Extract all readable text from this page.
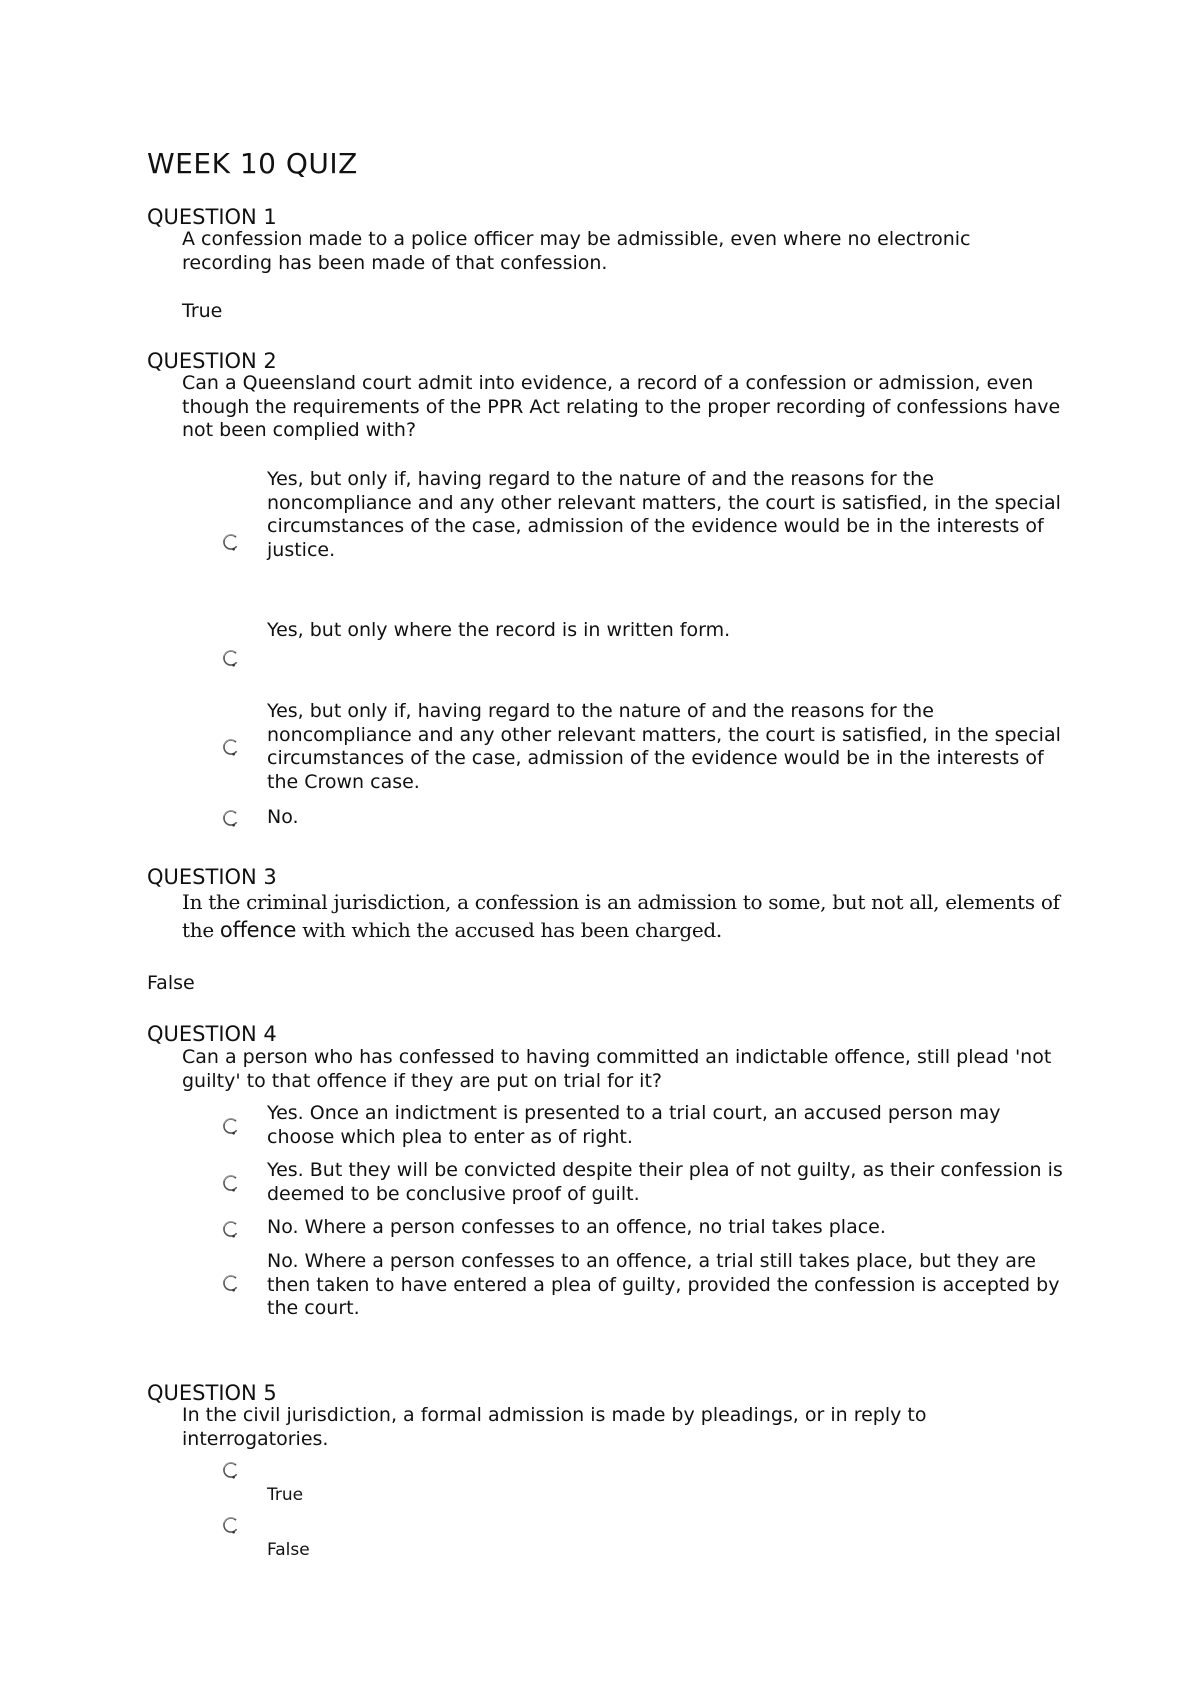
WEEK 10 QUIZ
QUESTION 1
A confession made to a police officer may be admissible, even where no electronic recording has been made of that confession.
True
QUESTION 2
Can a Queensland court admit into evidence, a record of a confession or admission, even though the requirements of the PPR Act relating to the proper recording of confessions have not been complied with?
Yes, but only if, having regard to the nature of and the reasons for the noncompliance and any other relevant matters, the court is satisfied, in the special circumstances of the case, admission of the evidence would be in the interests of justice.
Yes, but only where the record is in written form.
Yes, but only if, having regard to the nature of and the reasons for the noncompliance and any other relevant matters, the court is satisfied, in the special circumstances of the case, admission of the evidence would be in the interests of the Crown case.
No.
QUESTION 3
In the criminal jurisdiction, a confession is an admission to some, but not all, elements of the offence with which the accused has been charged.
False
QUESTION 4
Can a person who has confessed to having committed an indictable offence, still plead 'not guilty' to that offence if they are put on trial for it?
Yes. Once an indictment is presented to a trial court, an accused person may choose which plea to enter as of right.
Yes. But they will be convicted despite their plea of not guilty, as their confession is deemed to be conclusive proof of guilt.
No. Where a person confesses to an offence, no trial takes place.
No. Where a person confesses to an offence, a trial still takes place, but they are then taken to have entered a plea of guilty, provided the confession is accepted by the court.
QUESTION 5
In the civil jurisdiction, a formal admission is made by pleadings, or in reply to interrogatories.
True
False
